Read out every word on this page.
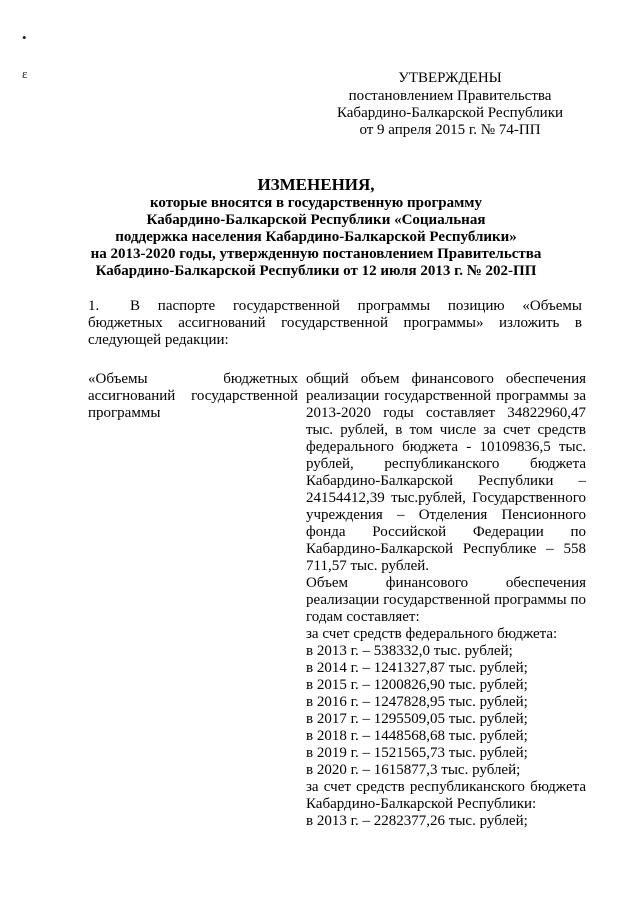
•
ɛ	УТВЕРЖДЕНЫ
постановлением Правительства
Кабардино-Балкарской Республики
от 9 апреля 2015 г. № 74-ПП
ИЗМЕНЕНИЯ,
которые вносятся в государственную программу
Кабардино-Балкарской Республики «Социальная
поддержка населения Кабардино-Балкарской Республики»
на 2013-2020 годы, утвержденную постановлением Правительства
Кабардино-Балкарской Республики от 12 июля 2013 г. № 202-ПП
1. В паспорте государственной программы позицию «Объемы бюджетных ассигнований государственной программы» изложить в следующей редакции:
«Объемы бюджетных ассигнований государственной программы

общий объем финансового обеспечения реализации государственной программы за 2013-2020 годы составляет 34822960,47 тыс. рублей, в том числе за счет средств федерального бюджета - 10109836,5 тыс. рублей, республиканского бюджета Кабардино-Балкарской Республики – 24154412,39 тыс.рублей, Государственного учреждения – Отделения Пенсионного фонда Российской Федерации по Кабардино-Балкарской Республике – 558 711,57 тыс. рублей.

Объем финансового обеспечения реализации государственной программы по годам составляет:

за счет средств федерального бюджета:
в 2013 г. – 538332,0 тыс. рублей;
в 2014 г. – 1241327,87 тыс. рублей;
в 2015 г. – 1200826,90 тыс. рублей;
в 2016 г. – 1247828,95 тыс. рублей;
в 2017 г. – 1295509,05 тыс. рублей;
в 2018 г. – 1448568,68 тыс. рублей;
в 2019 г. – 1521565,73 тыс. рублей;
в 2020 г. – 1615877,3 тыс. рублей;

за счет средств республиканского бюджета Кабардино-Балкарской Республики:

в 2013 г. – 2282377,26 тыс. рублей;
